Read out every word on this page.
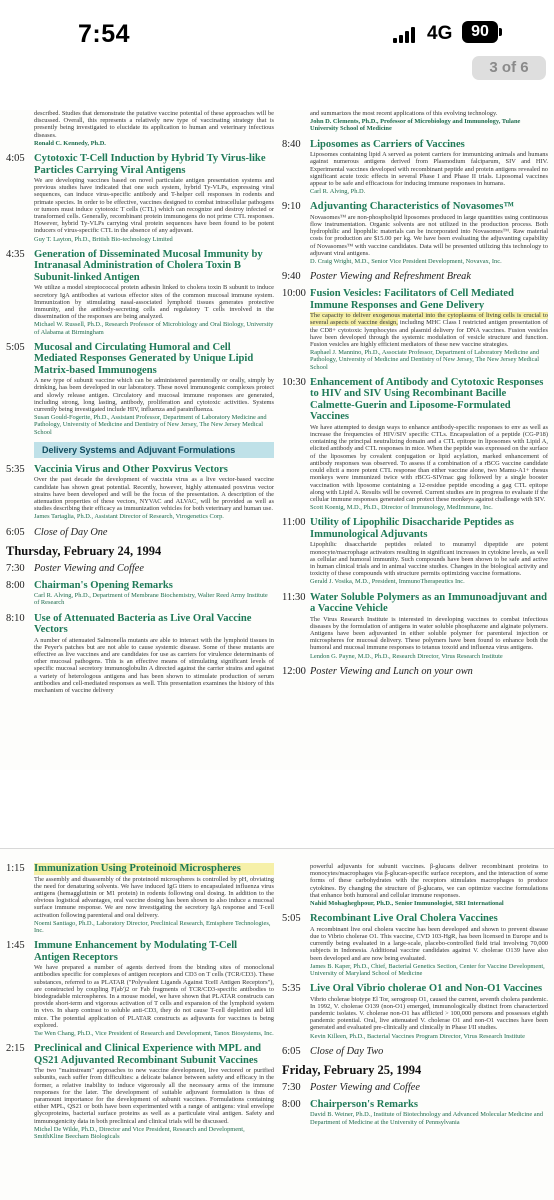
7:54	4G	90
3 of 6
described. Studies that demonstrate the putative vaccine potential of these approaches will be discussed. Overall, this represents a relatively new type of vaccinating strategy that is presently being investigated to elucidate its application to human and veterinary infectious diseases.
Ronald C. Kennedy, Ph.D.
4:05 Cytotoxic T-Cell Induction by Hybrid Ty Virus-like Particles Carrying Viral Antigens
We are developing vaccines based on novel particulate antigen presentation systems and previous studies have indicated that one such system, hybrid Ty-VLPs, expressing viral sequences, can induce virus-specific antibody and T-helper cell responses in rodents and primate species. In order to be effective, vaccines designed to combat intracellular pathogens or tumors must induce cytotoxic T cells (CTL) which can recognize and destroy infected or transformed cells. Generally, recombinant protein immunogens do not prime CTL responses. However, hybrid Ty-VLPs carrying viral protein sequences have been found to be potent inducers of virus-specific CTL in the absence of any adjuvant.
Guy T. Layton, Ph.D., British Bio-technology Limited
4:35 Generation of Disseminated Mucosal Immunity by Intranasal Administration of Cholera Toxin B Subunit-linked Antigen
We utilize a model streptococcal protein adhesin linked to cholera toxin B subunit to induce secretory IgA antibodies at various effector sites of the common mucosal immune system. Immunization by stimulating nasal-associated lymphoid tissues generates protective immunity, and the antibody-secreting cells and regulatory T cells involved in the dissemination of the responses are being analyzed.
Michael W. Russell, Ph.D., Research Professor of Microbiology and Oral Biology, University of Alabama at Birmingham
5:05 Mucosal and Circulating Humoral and Cell Mediated Responses Generated by Unique Lipid Matrix-based Immunogens
A new type of subunit vaccine which can be administered parenterally or orally, simply by drinking, has been developed in our laboratory. These novel immunogenic complexes protect and slowly release antigen. Circulatory and mucosal immune responses are generated, including strong, long lasting, antibody, proliferation and cytotoxic activities. Systems currently being investigated include HIV, influenza and parainfluenza.
Susan Gould-Fogerite, Ph.D., Assistant Professor, Department of Laboratory Medicine and Pathology, University of Medicine and Dentistry of New Jersey, The New Jersey Medical School
Delivery Systems and Adjuvant Formulations
5:35 Vaccinia Virus and Other Poxvirus Vectors
Over the past decade the development of vaccinia virus as a live vector-based vaccine candidate has shown great potential. Recently, however, highly attenuated poxvirus vector strains have been developed and will be the focus of the presentation. A description of the attenuation properties of these vectors, NYVAC and ALVAC, will be provided as well as studies describing their efficacy as immunization vehicles for both veterinary and human use.
James Tartaglia, Ph.D., Assistant Director of Research, Virogenetics Corp.
6:05 Close of Day One
Thursday, February 24, 1994
7:30 Poster Viewing and Coffee
8:00 Chairman's Opening Remarks
Carl R. Alving, Ph.D., Department of Membrane Biochemistry, Walter Reed Army Institute of Research
8:10 Use of Attenuated Bacteria as Live Oral Vaccine Vectors
A number of attenuated Salmonella mutants are able to interact with the lymphoid tissues in the Peyer's patches but are not able to cause systemic disease. Some of these mutants are effective as live vaccines and are candidates for use as carriers for virulence determinants of other mucosal pathogens. This is an effective means of stimulating significant levels of specific mucosal secretory immunoglobulin A directed against the carrier strains and against a variety of heterologous antigens and has been shown to stimulate production of serum antibodies and cell-mediated responses as well. This presentation examines the history of this mechanism of vaccine delivery
and summarizes the most recent applications of this evolving technology.
John D. Clements, Ph.D., Professor of Microbiology and Immunology, Tulane University School of Medicine
8:40 Liposomes as Carriers of Vaccines
Liposomes containing lipid A served as potent carriers for immunizing animals and humans against numerous antigens derived from Plasmodium falciparum, SIV and HIV. Experimental vaccines developed with recombinant peptide and protein antigens revealed no significant acute toxic effects in several Phase I and Phase II trials. Liposomal vaccines appear to be safe and efficacious for inducing immune responses in humans.
Carl R. Alving, Ph.D.
9:10 Adjuvanting Characteristics of Novasomes™
Novasomes™ are non-phospholipid liposomes produced in large quantities using continuous flow instrumentation. Organic solvents are not utilized in the production process. Both hydrophilic and lipophilic materials can be incorporated into Novasomes™. Raw material costs for production are $15.00 per kg. We have been evaluating the adjuvanting capability of Novasomes™ with vaccine candidates. Data will be presented utilizing this technology to adjuvant viral antigens.
D. Craig Wright, M.D., Senior Vice President Development, Novavax, Inc.
9:40 Poster Viewing and Refreshment Break
10:00 Fusion Vesicles: Facilitators of Cell Mediated Immune Responses and Gene Delivery
The capacity to deliver exogenous material into the cytoplasms of living cells is crucial to several aspects of vaccine design, including MHC Class I restricted antigen presentation of the CD8+ cytotoxic lymphocytes and plasmid delivery for DNA vaccines. Fusion vesicles have been developed through the systemic modulation of vesicle structure and function. Fusion vesicles are highly efficient mediators of these new vaccine strategies.
Raphael J. Mannino, Ph.D., Associate Professor, Department of Laboratory Medicine and Pathology, University of Medicine and Dentistry of New Jersey, The New Jersey Medical School
10:30 Enhancement of Antibody and Cytotoxic Responses to HIV and SIV Using Recombinant Bacille Calmette-Guerin and Liposome-Formulated Vaccines
We have attempted to design ways to enhance antibody-specific responses to env as well as increase the frequencies of HIV/SIV specific CTLs. Encapsulation of a peptide (CG-P18) containing the principal neutralizing domain and a CTL epitope in liposomes with Lipid A, elicited antibody and CTL responses in mice. When the peptide was expressed on the surface of the liposomes by covalent conjugation or lipid acylation, marked enhancement of antibody responses was observed. To assess if a combination of a rBCG vaccine candidate could elicit a more potent CTL response than either vaccine alone, two Mamu-A1+ rhesus monkeys were immunized twice with rBCG-SIVmac gag followed by a single booster vaccination with liposome containing a 12-residue peptide encoding a gag CTL epitope along with Lipid A. Results will be covered. Current studies are in progress to evaluate if the cellular immune responses generated can protect these monkeys against challenge with SIV.
Scott Koenig, M.D., Ph.D., Director of Immunology, MedImmune, Inc.
11:00 Utility of Lipophilic Disaccharide Peptides as Immunological Adjuvants
Lipophilic disaccharide peptides related to muramyl dipeptide are potent monocyte/macrophage activators resulting in significant increases in cytokine levels, as well as cellular and humoral immunity. Such compounds have been shown to be safe and active in human clinical trials and in animal vaccine studies. Changes in the biological activity and toxicity of these compounds with structure permits optimizing vaccine formations.
Gerald J. Vosika, M.D., President, ImmunoTherapeutics Inc.
11:30 Water Soluble Polymers as an Immunoadjuvant and a Vaccine Vehicle
The Virus Research Institute is interested in developing vaccines to combat infectious diseases by the formulation of antigens in water soluble phosphazene and alginate polymers. Antigens have been adjuvanted in either soluble polymer for parenteral injection or microspheres for mucosal delivery. These polymers have been found to enhance both the humoral and mucosal immune responses to tetanus toxoid and influenza virus antigens.
Lendon G. Payne, M.D., Ph.D., Research Director, Virus Research Institute
12:00 Poster Viewing and Lunch on your own
1:15 Immunization Using Proteinoid Microspheres
The assembly and disassembly of the proteinoid microspheres is controlled by pH, obviating the need for denaturing solvents. We have induced IgG titers to encapsulated influenza virus antigens (hemagglutinin or M1 protein) in rodents following oral dosing. In addition to the obvious logistical advantages, oral vaccine dosing has been shown to also induce a mucosal surface immune response. We are now investigating the secretory IgA response and T-cell activation following parenteral and oral delivery.
Noemi Santiago, Ph.D., Laboratory Director, Preclinical Research, Emisphere Technologies, Inc.
1:45 Immune Enhancement by Modulating T-Cell Antigen Receptors
We have prepared a number of agents derived from the binding sites of monoclonal antibodies specific for complexes of antigen receptors and CD3 on T cells (TCR/CD3). These substances, referred to as PLATAR ("Polyvalent Ligands Against TceII Antigen Receptors"), are constructed by coupling F(ab')2 or Fab fragments of TCR/CD3-specific antibodies to biodegradable microspheres. In a mouse model, we have shown that PLATAR constructs can provide short-term and vigorous activation of T cells and expansion of the lymphoid system in vivo. In sharp contrast to soluble anti-CD3, they do not cause T-cell depletion and kill mice. The potential application of PLATAR constructs as adjuvants for vaccines is being explored.
Tse Wen Chang, Ph.D., Vice President of Research and Development, Tanox Biosystems, Inc.
2:15 Preclinical and Clinical Experience with MPL and QS21 Adjuvanted Recombinant Subunit Vaccines
The two "mainstream" approaches to new vaccine development, live vectored or purified subunits, each suffer from difficulties: a delicate balance between safety and efficacy in the former, a relative inability to induce vigorously all the necessary arms of the immune responses for the later. The development of suitable adjuvant formulation is thus of paramount importance for the development of subunit vaccines. Formulations containing either MPL, QS21 or both have been experimented with a range of antigens: viral envelope glycoproteins, bacterial surface proteins as well as a particulate viral antigen. Safety and immunogenicity data in both preclinical and clinical trials will be discussed.
Michel De Wilde, Ph.D., Director and Vice President, Research and Development, SmithKline Beecham Biologicals
powerful adjuvants for subunit vaccines. β-glucans deliver recombinant proteins to monocytes/macrophages via β-glucan-specific surface receptors, and the interaction of some forms of these carbohydrates with the receptors stimulates macrophages to produce cytokines. By changing the structure of β-glucans, we can optimize vaccine formulations that enhance both humoral and cellular immune responses.
Nahid Mohagheghpour, Ph.D., Senior Immunologist, SRI International
5:05 Recombinant Live Oral Cholera Vaccines
A recombinant live oral cholera vaccine has been developed and shown to prevent disease due to Vibrio cholerae O1. This vaccine, CVD 103-HgR, has been licensed in Europe and is currently being evaluated in a large-scale, placebo-controlled field trial involving 70,000 subjects in Indonesia. Additional vaccine candidates against V. cholerae O139 have also been developed and are now being evaluated.
James B. Kaper, Ph.D., Chief, Bacterial Genetics Section, Center for Vaccine Development, University of Maryland School of Medicine
5:35 Live Oral Vibrio cholerae O1 and Non-O1 Vaccines
Vibrio cholerae biotype El Tor, serogroup O1, caused the current, seventh cholera pandemic. In 1992, V. cholerae O139 (non-O1) emerged, immunologically distinct from characterized pandemic isolates. V. cholerae non-O1 has afflicted > 100,000 persons and possesses eighth pandemic potential. Oral, live attenuated V. cholerae O1 and non-O1 vaccines have been generated and evaluated pre-clinically and clinically in Phase I/II studies.
Kevin Killeen, Ph.D., Bacterial Vaccines Program Director, Virus Research Institute
6:05 Close of Day Two
Friday, February 25, 1994
7:30 Poster Viewing and Coffee
8:00 Chairperson's Remarks
David B. Weiner, Ph.D., Institute of Biotechnology and Advanced Molecular Medicine and Department of Medicine at the University of Pennsylvania
